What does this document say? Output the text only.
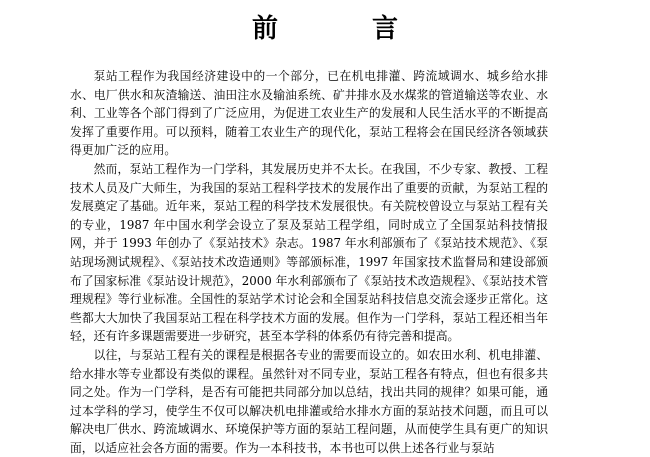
前　言

泵站工程作为我国经济建设中的一个部分，已在机电排灌、跨流域调水、城乡给水排水、电厂供水和灰渣输送、油田注水及输油系统、矿井排水及水煤浆的管道输送等农业、水利、工业等各个部门得到了广泛应用，为促进工农业生产的发展和人民生活水平的不断提高发挥了重要作用。可以预料，随着工农业生产的现代化，泵站工程将会在国民经济各领域获得更加广泛的应用。

然而，泵站工程作为一门学科，其发展历史并不太长。在我国，不少专家、教授、工程技术人员及广大师生，为我国的泵站工程科学技术的发展作出了重要的贡献，为泵站工程的发展奠定了基础。近年来，泵站工程的科学技术发展很快。有关院校曾设立与泵站工程有关的专业，1987 年中国水利学会设立了泵及泵站工程学组，同时成立了全国泵站科技情报网，并于 1993 年创办了《泵站技术》杂志。1987 年水利部颁布了《泵站技术规范》、《泵站现场测试规程》、《泵站技术改造通则》等部颁标准，1997 年国家技术监督局和建设部颁布了国家标准《泵站设计规范》，2000 年水利部颁布了《泵站技术改造规程》、《泵站技术管理规程》等行业标准。全国性的泵站学术讨论会和全国泵站科技信息交流会逐步正常化。这些都大大加快了我国泵站工程在科学技术方面的发展。但作为一门学科，泵站工程还相当年轻，还有许多课题需要进一步研究，甚至本学科的体系仍有待完善和提高。

以往，与泵站工程有关的课程是根据各专业的需要而设立的。如农田水利、机电排灌、给水排水等专业都设有类似的课程。虽然针对不同专业，泵站工程各有特点，但也有很多共同之处。作为一门学科，是否有可能把共同部分加以总结，找出共同的规律？如果可能，通过本学科的学习，使学生不仅可以解决机电排灌或给水排水方面的泵站技术问题，而且可以解决电厂供水、跨流域调水、环境保护等方面的泵站工程问题，从而使学生具有更广的知识面，以适应社会各方面的需要。作为一本科技书，本书也可以供上述各行业与泵站
